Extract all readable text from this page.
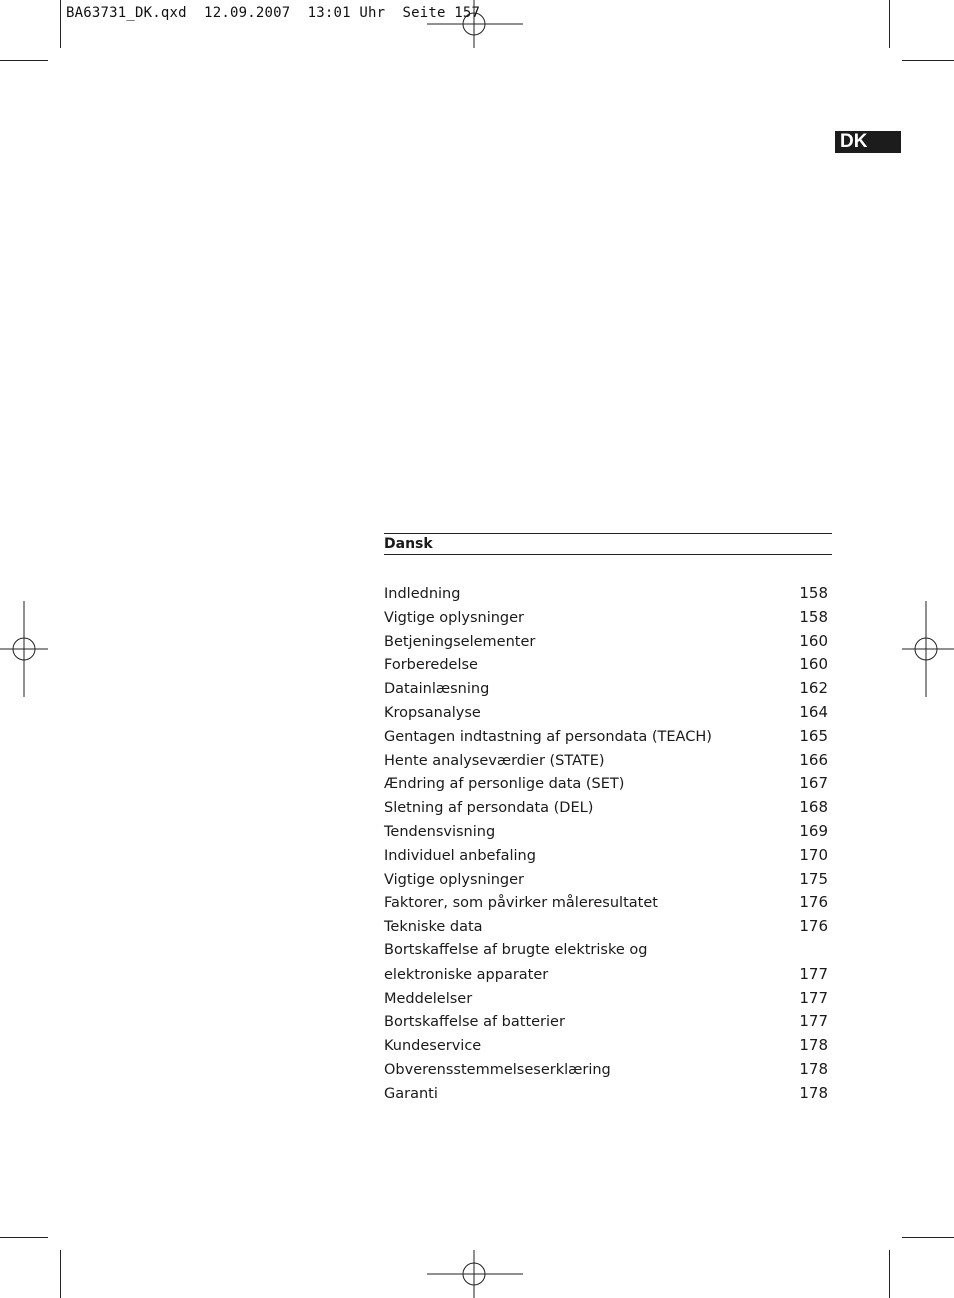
BA63731_DK.qxd  12.09.2007  13:01 Uhr  Seite 157
DK
Dansk
Indledning	158
Vigtige oplysninger	158
Betjeningselementer	160
Forberedelse	160
Datainlæsning	162
Kropsanalyse	164
Gentagen indtastning af persondata (TEACH)	165
Hente analyseværdier (STATE)	166
Ændring af personlige data (SET)	167
Sletning af persondata (DEL)	168
Tendensvisning	169
Individuel anbefaling	170
Vigtige oplysninger	175
Faktorer, som påvirker måleresultatet	176
Tekniske data	176
Bortskaffelse af brugte elektriske og
elektroniske apparater	177
Meddelelser	177
Bortskaffelse af batterier	177
Kundeservice	178
Obverensstemmelseserklæring	178
Garanti	178
